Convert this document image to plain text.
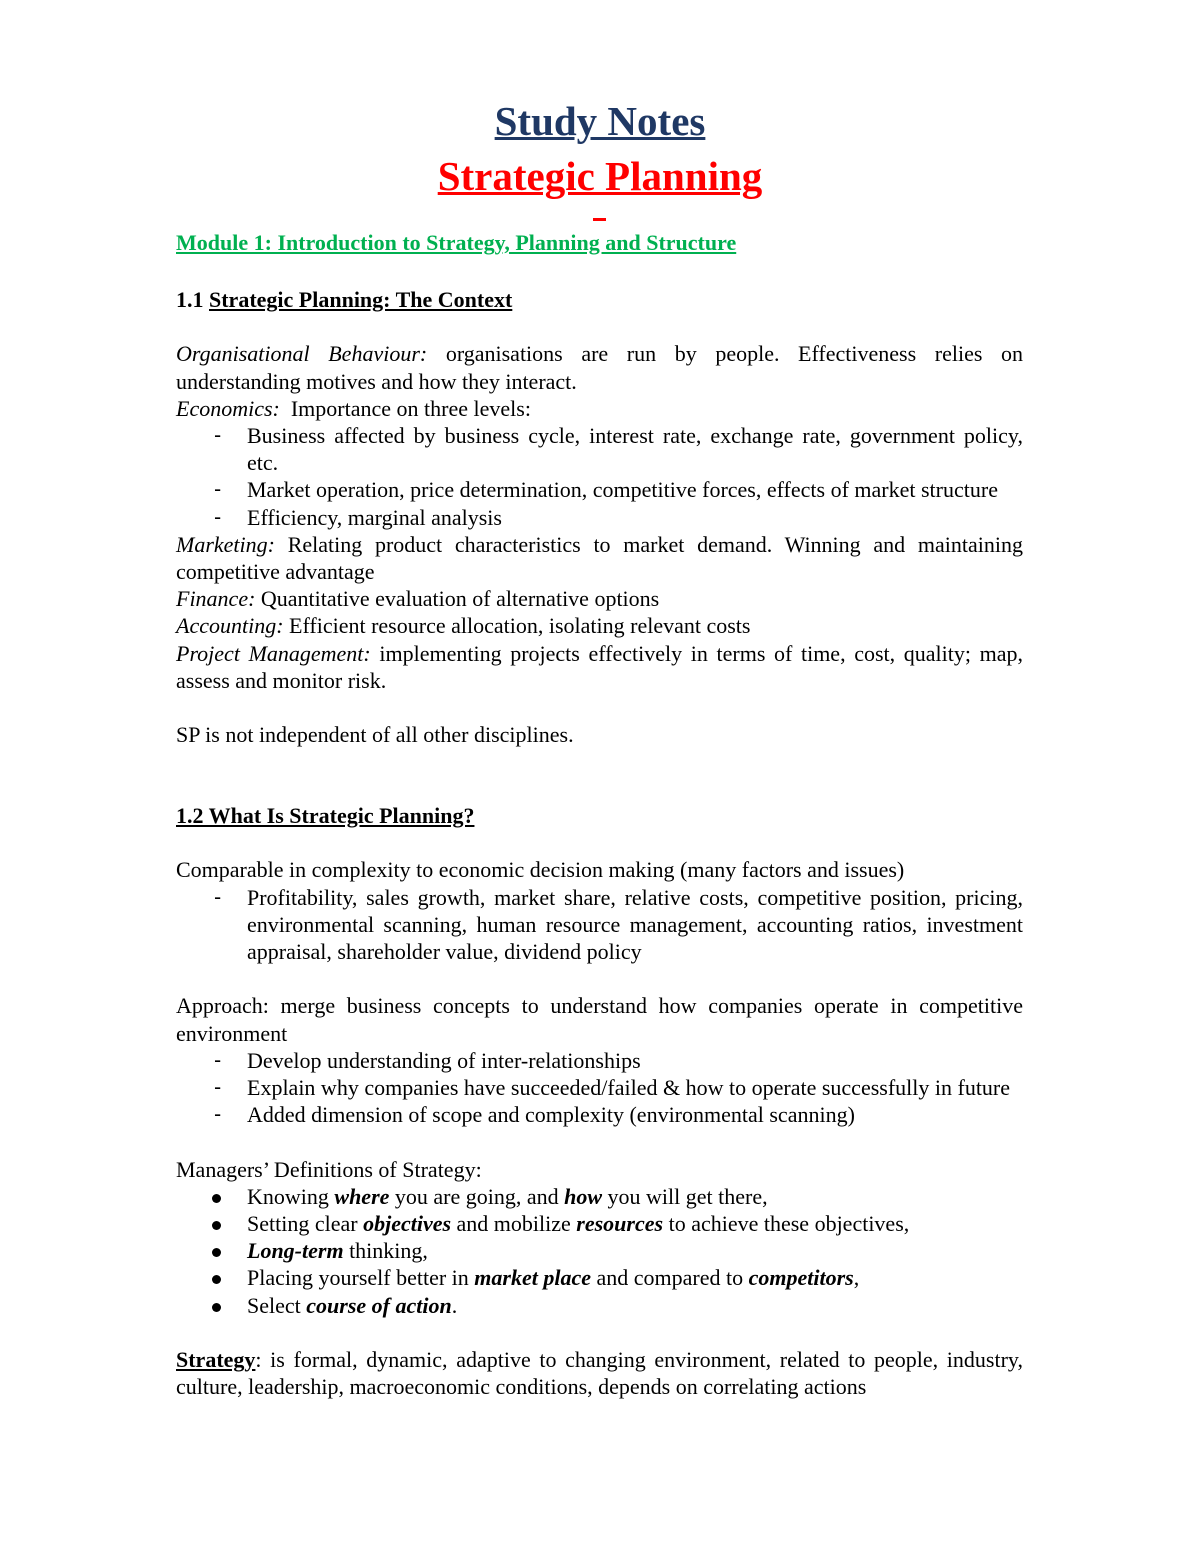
Study Notes
Strategic Planning
Module 1: Introduction to Strategy, Planning and Structure
1.1 Strategic Planning: The Context
Organisational Behaviour: organisations are run by people. Effectiveness relies on understanding motives and how they interact.
Economics:  Importance on three levels:
- Business affected by business cycle, interest rate, exchange rate, government policy, etc.
- Market operation, price determination, competitive forces, effects of market structure
- Efficiency, marginal analysis
Marketing: Relating product characteristics to market demand. Winning and maintaining competitive advantage
Finance: Quantitative evaluation of alternative options
Accounting: Efficient resource allocation, isolating relevant costs
Project Management: implementing projects effectively in terms of time, cost, quality; map, assess and monitor risk.
SP is not independent of all other disciplines.
1.2 What Is Strategic Planning?
Comparable in complexity to economic decision making (many factors and issues)
- Profitability, sales growth, market share, relative costs, competitive position, pricing, environmental scanning, human resource management, accounting ratios, investment appraisal, shareholder value, dividend policy
Approach: merge business concepts to understand how companies operate in competitive environment
- Develop understanding of inter-relationships
- Explain why companies have succeeded/failed & how to operate successfully in future
- Added dimension of scope and complexity (environmental scanning)
Managers’ Definitions of Strategy:
Knowing where you are going, and how you will get there,
Setting clear objectives and mobilize resources to achieve these objectives,
Long-term thinking,
Placing yourself better in market place and compared to competitors,
Select course of action.
Strategy: is formal, dynamic, adaptive to changing environment, related to people, industry, culture, leadership, macroeconomic conditions, depends on correlating actions
